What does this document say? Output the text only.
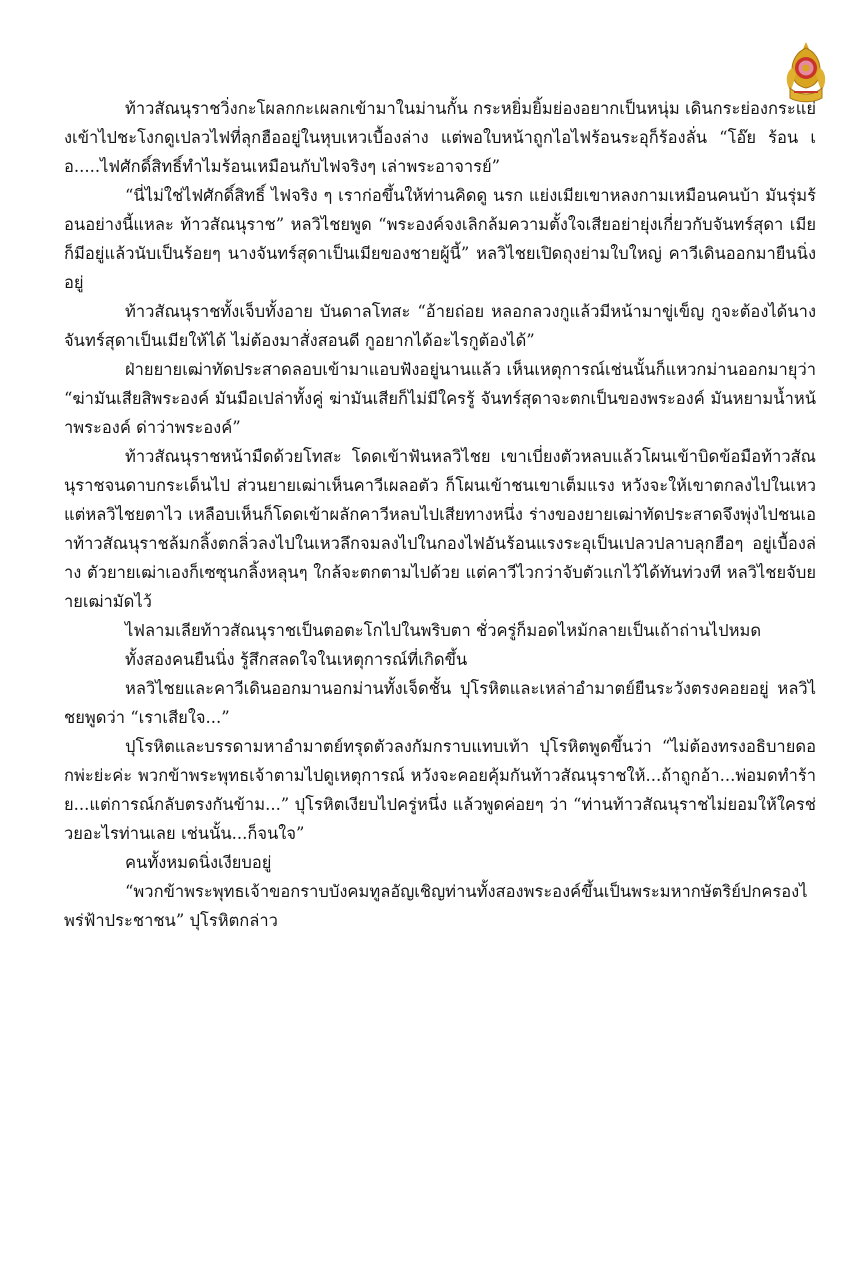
ท้าวสัณนุราชวิ่งกะโผลกกะเผลกเข้ามาในม่านกั้น กระหยิ่มยิ้มย่องอยากเป็นหนุ่ม เดินกระย่องกระแย่งเข้าไปชะโงกดูเปลวไฟที่ลุกฮืออยู่ในหุบเหวเบื้องล่าง แต่พอใบหน้าถูกไอไฟร้อนระอุก็ร้องลั่น “โอ๊ย ร้อน เอ.....ไฟศักดิ์สิทธิ์ทำไมร้อนเหมือนกับไฟจริงๆ เล่าพระอาจารย์”

“นี่ไม่ใช่ไฟศักดิ์สิทธิ์ ไฟจริง ๆ เราก่อขึ้นให้ท่านคิดดู นรก แย่งเมียเขาหลงกามเหมือนคนบ้า มันรุ่มร้อนอย่างนี้แหละ ท้าวสัณนุราช” หลวิไชยพูด “พระองค์จงเลิกล้มความตั้งใจเสียอย่ายุ่งเกี่ยวกับจันทร์สุดา เมียก็มีอยู่แล้วนับเป็นร้อยๆ นางจันทร์สุดาเป็นเมียของชายผู้นี้” หลวิไชยเปิดถุงย่ามใบใหญ่ คาวีเดินออกมายืนนิ่งอยู่

ท้าวสัณนุราชทั้งเจ็บทั้งอาย บันดาลโทสะ “อ้ายถ่อย หลอกลวงกูแล้วมีหน้ามาขู่เข็ญ กูจะต้องได้นางจันทร์สุดาเป็นเมียให้ได้ ไม่ต้องมาสั่งสอนดี กูอยากได้อะไรกูต้องได้”

ฝ่ายยายเฒ่าทัดประสาดลอบเข้ามาแอบฟังอยู่นานแล้ว เห็นเหตุการณ์เช่นนั้นก็แหวกม่านออกมายุว่า “ฆ่ามันเสียสิพระองค์ มันมือเปล่าทั้งคู่ ฆ่ามันเสียก็ไม่มีใครรู้ จันทร์สุดาจะตกเป็นของพระองค์ มันหยามน้ำหน้าพระองค์ ด่าว่าพระองค์”

ท้าวสัณนุราชหน้ามืดด้วยโทสะ โดดเข้าฟันหลวิไชย เขาเบี่ยงตัวหลบแล้วโผนเข้าบิดข้อมือท้าวสัณนุราชจนดาบกระเด็นไป ส่วนยายเฒ่าเห็นคาวีเผลอตัว ก็โผนเข้าชนเขาเต็มแรง หวังจะให้เขาตกลงไปในเหว แต่หลวิไชยตาไว เหลือบเห็นก็โดดเข้าผลักคาวีหลบไปเสียทางหนึ่ง ร่างของยายเฒ่าทัดประสาดจึงพุ่งไปชนเอาท้าวสัณนุราชล้มกลิ้งตกลิ่วลงไปในเหวลึกจมลงไปในกองไฟอันร้อนแรงระอุเป็นเปลวปลาบลุกฮือๆ อยู่เบื้องล่าง ตัวยายเฒ่าเองก็เซซุนกลิ้งหลุนๆ ใกล้จะตกตามไปด้วย แต่คาวีไวกว่าจับตัวแกไว้ได้ทันท่วงที หลวิไชยจับยายเฒ่ามัดไว้

ไฟลามเลียท้าวสัณนุราชเป็นตอตะโกไปในพริบตา ชั่วครู่ก็มอดไหม้กลายเป็นเถ้าถ่านไปหมด

ทั้งสองคนยืนนิ่ง รู้สึกสลดใจในเหตุการณ์ที่เกิดขึ้น

หลวิไชยและคาวีเดินออกมานอกม่านทั้งเจ็ดชั้น ปุโรหิตและเหล่าอำมาตย์ยืนระวังตรงคอยอยู่ หลวิไชยพูดว่า “เราเสียใจ...”

ปุโรหิตและบรรดามหาอำมาตย์ทรุดตัวลงกัมกราบแทบเท้า ปุโรหิตพูดขึ้นว่า “ไม่ต้องทรงอธิบายดอกพ่ะย่ะค่ะ พวกข้าพระพุทธเจ้าตามไปดูเหตุการณ์ หวังจะคอยคุ้มกันท้าวสัณนุราชให้...ถ้าถูกอ้า...พ่อมดทำร้าย...แต่การณ์กลับตรงกันข้าม...” ปุโรหิตเงียบไปครู่หนึ่ง แล้วพูดค่อยๆ ว่า “ท่านท้าวสัณนุราชไม่ยอมให้ใครช่วยอะไรท่านเลย เช่นนั้น...ก็จนใจ”

คนทั้งหมดนิ่งเงียบอยู่

“พวกข้าพระพุทธเจ้าขอกราบบังคมทูลอัญเชิญท่านทั้งสองพระองค์ขึ้นเป็นพระมหากษัตริย์ปกครองไพร่ฟ้าประชาชน” ปุโรหิตกล่าว
